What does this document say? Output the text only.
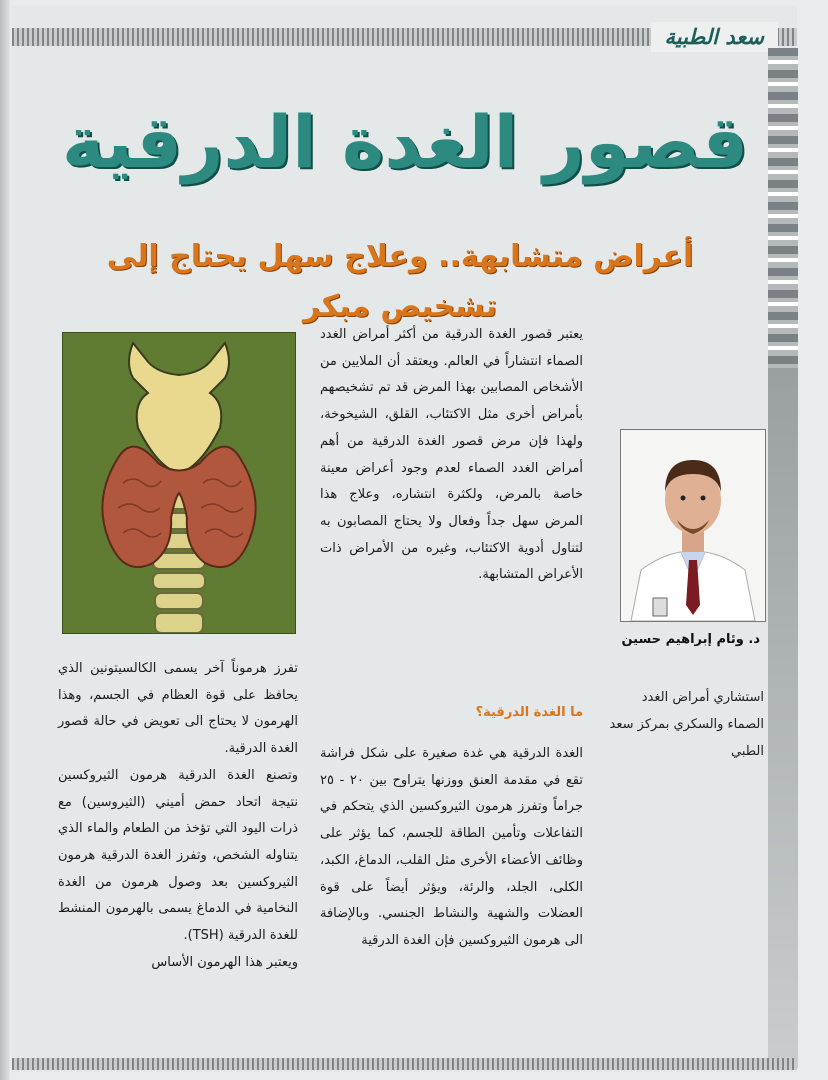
سعد الطبية
قصور الغدة الدرقية
أعراض متشابهة.. وعلاج سهل يحتاج إلى تشخيص مبكر
د. وئام إبراهيم حسين
استشاري أمراض الغدد الصماء والسكري بمركز سعد الطبي

يعتبر قصور الغدة الدرقية من أكثر أمراض الغدد الصماء انتشاراً في العالم. ويعتقد أن الملايين من الأشخاص المصابين بهذا المرض قد تم تشخيصهم بأمراض أخرى مثل الاكتئاب، القلق، الشيخوخة، ولهذا فإن مرض قصور الغدة الدرقية من أهم أمراض الغدد الصماء لعدم وجود أعراض معينة خاصة بالمرض، ولكثرة انتشاره، وعلاج هذا المرض سهل جداً وفعال ولا يحتاج المصابون به لتناول أدوية الاكتئاب، وغيره من الأمراض ذات الأعراض المتشابهة.

ما الغدة الدرقية؟

الغدة الدرقية هي غدة صغيرة على شكل فراشة تقع في مقدمة العنق ووزنها يتراوح بين ٢٠ - ٢٥ جراماً وتفرز هرمون الثيروكسين الذي يتحكم في التفاعلات وتأمين الطاقة للجسم، كما يؤثر على وظائف الأعضاء الأخرى مثل القلب، الدماغ، الكبد، الكلى، الجلد، والرئة، ويؤثر أيضاً على قوة العضلات والشهية والنشاط الجنسي. وبالإضافة الى هرمون الثيروكسين فإن الغدة الدرقية

تفرز هرموناً آخر يسمى الكالسيتونين الذي يحافظ على قوة العظام في الجسم، وهذا الهرمون لا يحتاج الى تعويض في حالة قصور الغدة الدرقية.

وتصنع الغدة الدرقية هرمون الثيروكسين نتيجة اتحاد حمض أميني (الثيروسين) مع ذرات اليود التي تؤخذ من الطعام والماء الذي يتناوله الشخص، وتفرز الغدة الدرقية هرمون الثيروكسين بعد وصول هرمون من الغدة النخامية في الدماغ يسمى بالهرمون المنشط للغدة الدرقية (TSH).

ويعتبر هذا الهرمون الأساس
